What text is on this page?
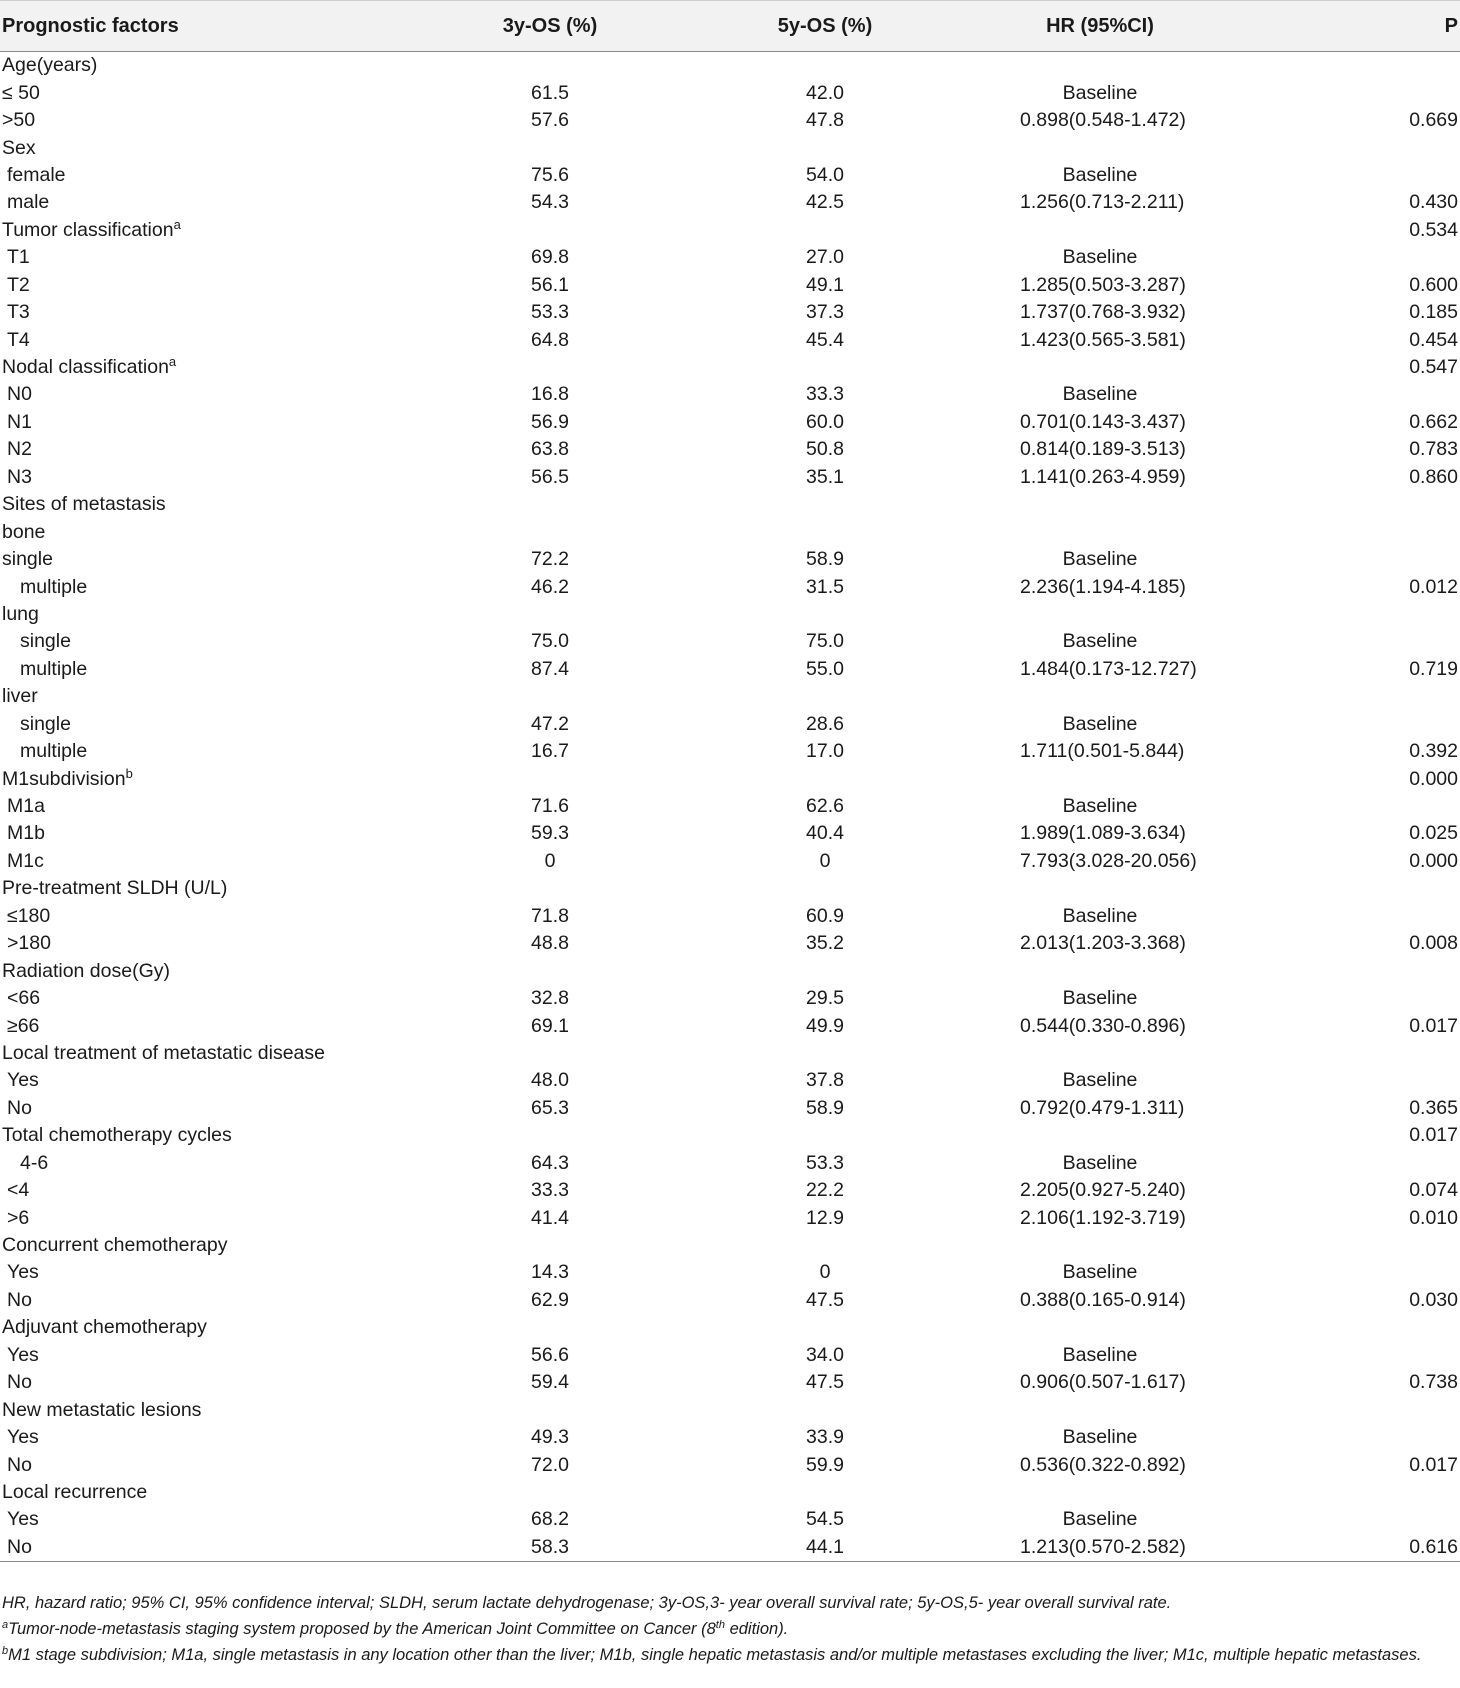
Prognostic factors	3y-OS (%)	5y-OS (%)	HR (95%CI)	P
Age(years)				
≤ 50	61.5	42.0	Baseline	
>50	57.6	47.8	0.898(0.548-1.472)	0.669
Sex				
female	75.6	54.0	Baseline	
male	54.3	42.5	1.256(0.713-2.211)	0.430
Tumor classification$^a$				0.534
T1	69.8	27.0	Baseline	
T2	56.1	49.1	1.285(0.503-3.287)	0.600
T3	53.3	37.3	1.737(0.768-3.932)	0.185
T4	64.8	45.4	1.423(0.565-3.581)	0.454
Nodal classification$^a$				0.547
N0	16.8	33.3	Baseline	
N1	56.9	60.0	0.701(0.143-3.437)	0.662
N2	63.8	50.8	0.814(0.189-3.513)	0.783
N3	56.5	35.1	1.141(0.263-4.959)	0.860
Sites of metastasis				
bone				
single	72.2	58.9	Baseline	
multiple	46.2	31.5	2.236(1.194-4.185)	0.012
lung				
single	75.0	75.0	Baseline	
multiple	87.4	55.0	1.484(0.173-12.727)	0.719
liver				
single	47.2	28.6	Baseline	
multiple	16.7	17.0	1.711(0.501-5.844)	0.392
M1subdivision$^b$				0.000
M1a	71.6	62.6	Baseline	
M1b	59.3	40.4	1.989(1.089-3.634)	0.025
M1c	0	0	7.793(3.028-20.056)	0.000
Pre-treatment SLDH (U/L)				
≤180	71.8	60.9	Baseline	
>180	48.8	35.2	2.013(1.203-3.368)	0.008
Radiation dose(Gy)				
<66	32.8	29.5	Baseline	
≥66	69.1	49.9	0.544(0.330-0.896)	0.017
Local treatment of metastatic disease				
Yes	48.0	37.8	Baseline	
No	65.3	58.9	0.792(0.479-1.311)	0.365
Total chemotherapy cycles				0.017
4-6	64.3	53.3	Baseline	
<4	33.3	22.2	2.205(0.927-5.240)	0.074
>6	41.4	12.9	2.106(1.192-3.719)	0.010
Concurrent chemotherapy				
Yes	14.3	0	Baseline	
No	62.9	47.5	0.388(0.165-0.914)	0.030
Adjuvant chemotherapy				
Yes	56.6	34.0	Baseline	
No	59.4	47.5	0.906(0.507-1.617)	0.738
New metastatic lesions				
Yes	49.3	33.9	Baseline	
No	72.0	59.9	0.536(0.322-0.892)	0.017
Local recurrence				
Yes	68.2	54.5	Baseline	
No	58.3	44.1	1.213(0.570-2.582)	0.616

HR, hazard ratio; 95% CI, 95% confidence interval; SLDH, serum lactate dehydrogenase; 3y-OS,3- year overall survival rate; 5y-OS,5- year overall survival rate.

$^a$Tumor-node-metastasis staging system proposed by the American Joint Committee on Cancer (8th edition).

$^b$M1 stage subdivision; M1a, single metastasis in any location other than the liver; M1b, single hepatic metastasis and/or multiple metastases excluding the liver; M1c, multiple hepatic metastases.
